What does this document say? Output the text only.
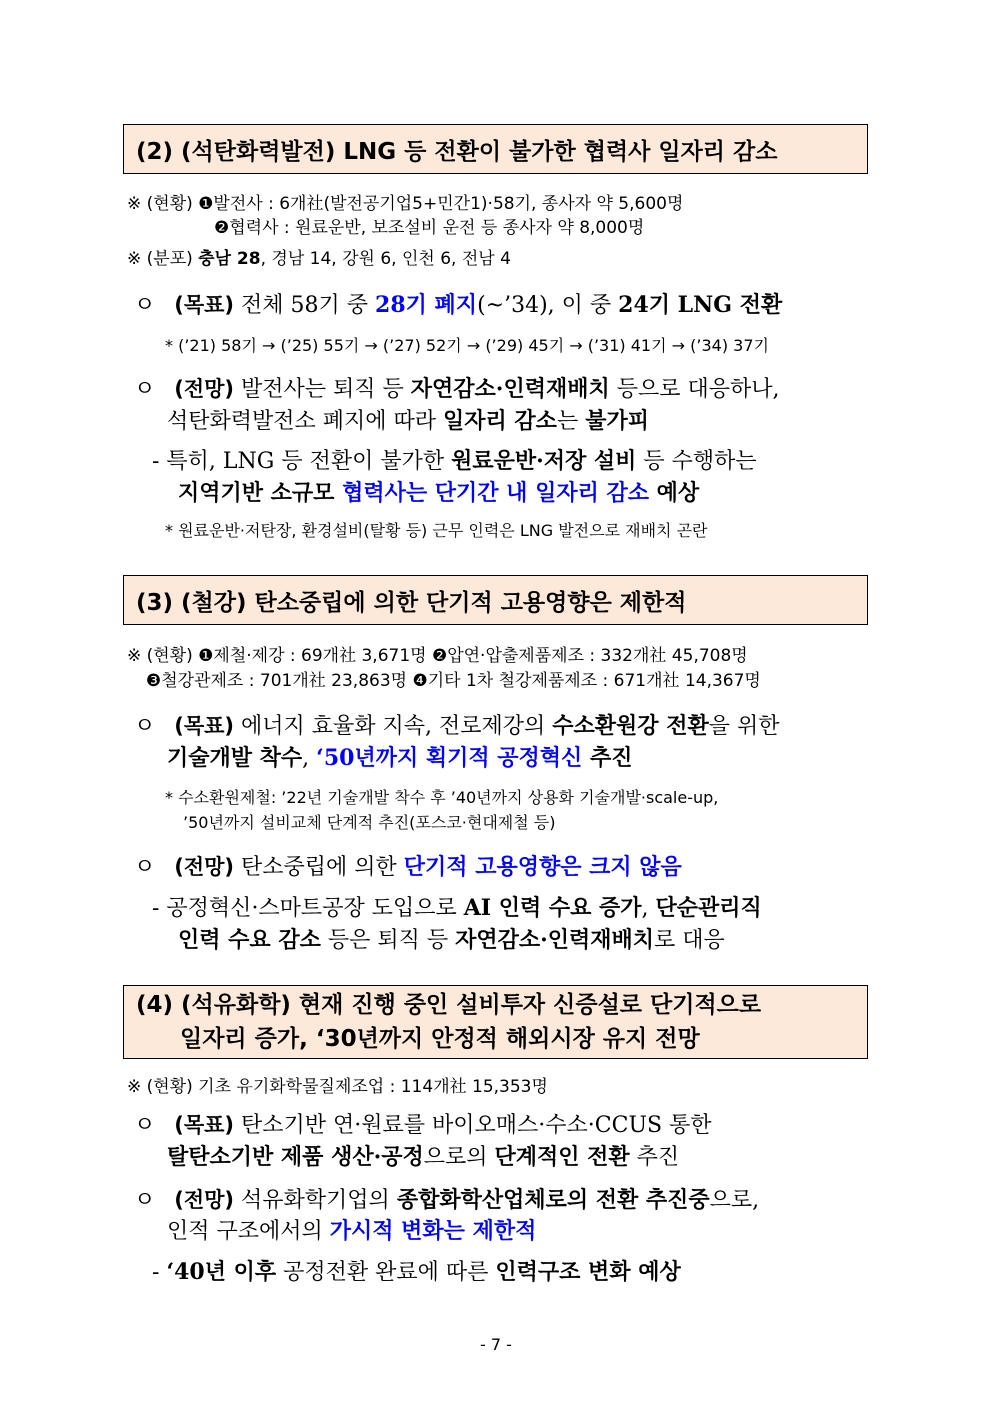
(2) (석탄화력발전) LNG 등 전환이 불가한 협력사 일자리 감소
※ (현황) ❶발전사 : 6개社(발전공기업5+민간1)·58기, 종사자 약 5,600명
❷협력사 : 원료운반, 보조설비 운전 등 종사자 약 8,000명
※ (분포) 충남 28, 경남 14, 강원 6, 인천 6, 전남 4
ㅇ (목표) 전체 58기 중 28기 폐지(~’34), 이 중 24기 LNG 전환
* (’21) 58기 → (’25) 55기 → (’27) 52기 → (’29) 45기 → (’31) 41기 → (’34) 37기
ㅇ (전망) 발전사는 퇴직 등 자연감소·인력재배치 등으로 대응하나,
석탄화력발전소 폐지에 따라 일자리 감소는 불가피
- 특히, LNG 등 전환이 불가한 원료운반·저장 설비 등 수행하는
지역기반 소규모 협력사는 단기간 내 일자리 감소 예상
* 원료운반·저탄장, 환경설비(탈황 등) 근무 인력은 LNG 발전으로 재배치 곤란
(3) (철강) 탄소중립에 의한 단기적 고용영향은 제한적
※ (현황) ❶제철·제강 : 69개社 3,671명 ❷압연·압출제품제조 : 332개社 45,708명
❸철강관제조 : 701개社 23,863명 ❹기타 1차 철강제품제조 : 671개社 14,367명
ㅇ (목표) 에너지 효율화 지속, 전로제강의 수소환원강 전환을 위한
기술개발 착수, ‘50년까지 획기적 공정혁신 추진
* 수소환원제철: ’22년 기술개발 착수 후 ’40년까지 상용화 기술개발·scale-up,
’50년까지 설비교체 단계적 추진(포스코·현대제철 등)
ㅇ (전망) 탄소중립에 의한 단기적 고용영향은 크지 않음
- 공정혁신·스마트공장 도입으로 AI 인력 수요 증가, 단순관리직
인력 수요 감소 등은 퇴직 등 자연감소·인력재배치로 대응
(4) (석유화학) 현재 진행 중인 설비투자 신증설로 단기적으로
일자리 증가, ‘30년까지 안정적 해외시장 유지 전망
※ (현황) 기초 유기화학물질제조업 : 114개社 15,353명
ㅇ (목표) 탄소기반 연·원료를 바이오매스·수소·CCUS 통한
탈탄소기반 제품 생산·공정으로의 단계적인 전환 추진
ㅇ (전망) 석유화학기업의 종합화학산업체로의 전환 추진중으로,
인적 구조에서의 가시적 변화는 제한적
- ‘40년 이후 공정전환 완료에 따른 인력구조 변화 예상
- 7 -
